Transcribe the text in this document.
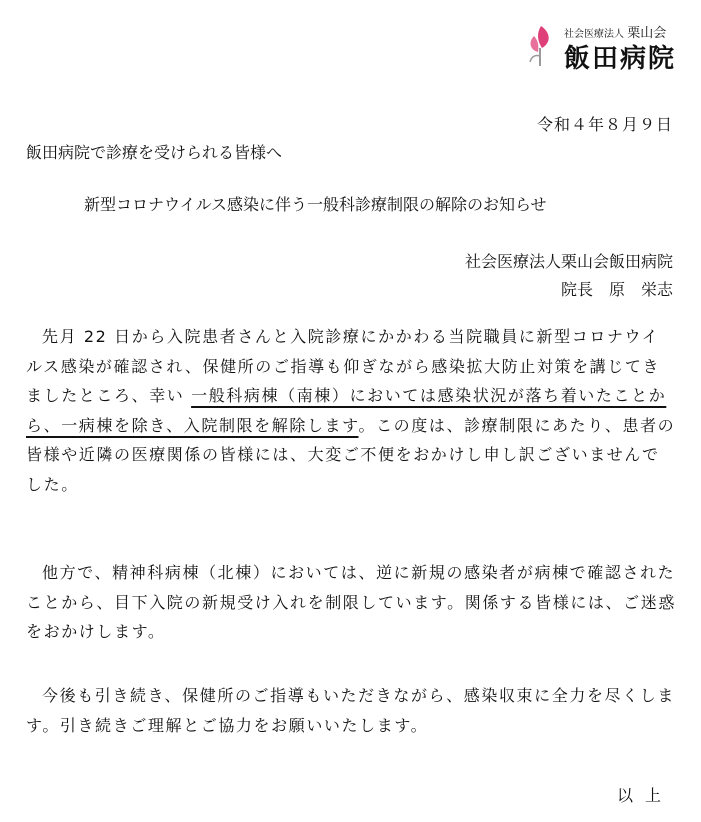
社会医療法人 栗山会
飯田病院
令和４年８月９日
飯田病院で診療を受けられる皆様へ
新型コロナウイルス感染に伴う一般科診療制限の解除のお知らせ
社会医療法人栗山会飯田病院
院長　原　栄志

先月 22 日から入院患者さんと入院診療にかかわる当院職員に新型コロナウイルス感染が確認され、保健所のご指導も仰ぎながら感染拡大防止対策を講じてきましたところ、幸い 一般科病棟（南棟）においては感染状況が落ち着いたことから、一病棟を除き、入院制限を解除します。この度は、診療制限にあたり、患者の皆様や近隣の医療関係の皆様には、大変ご不便をおかけし申し訳ございませんでした。

他方で、精神科病棟（北棟）においては、逆に新規の感染者が病棟で確認されたことから、目下入院の新規受け入れを制限しています。関係する皆様には、ご迷惑をおかけします。

今後も引き続き、保健所のご指導もいただきながら、感染収束に全力を尽くします。引き続きご理解とご協力をお願いいたします。

以上
